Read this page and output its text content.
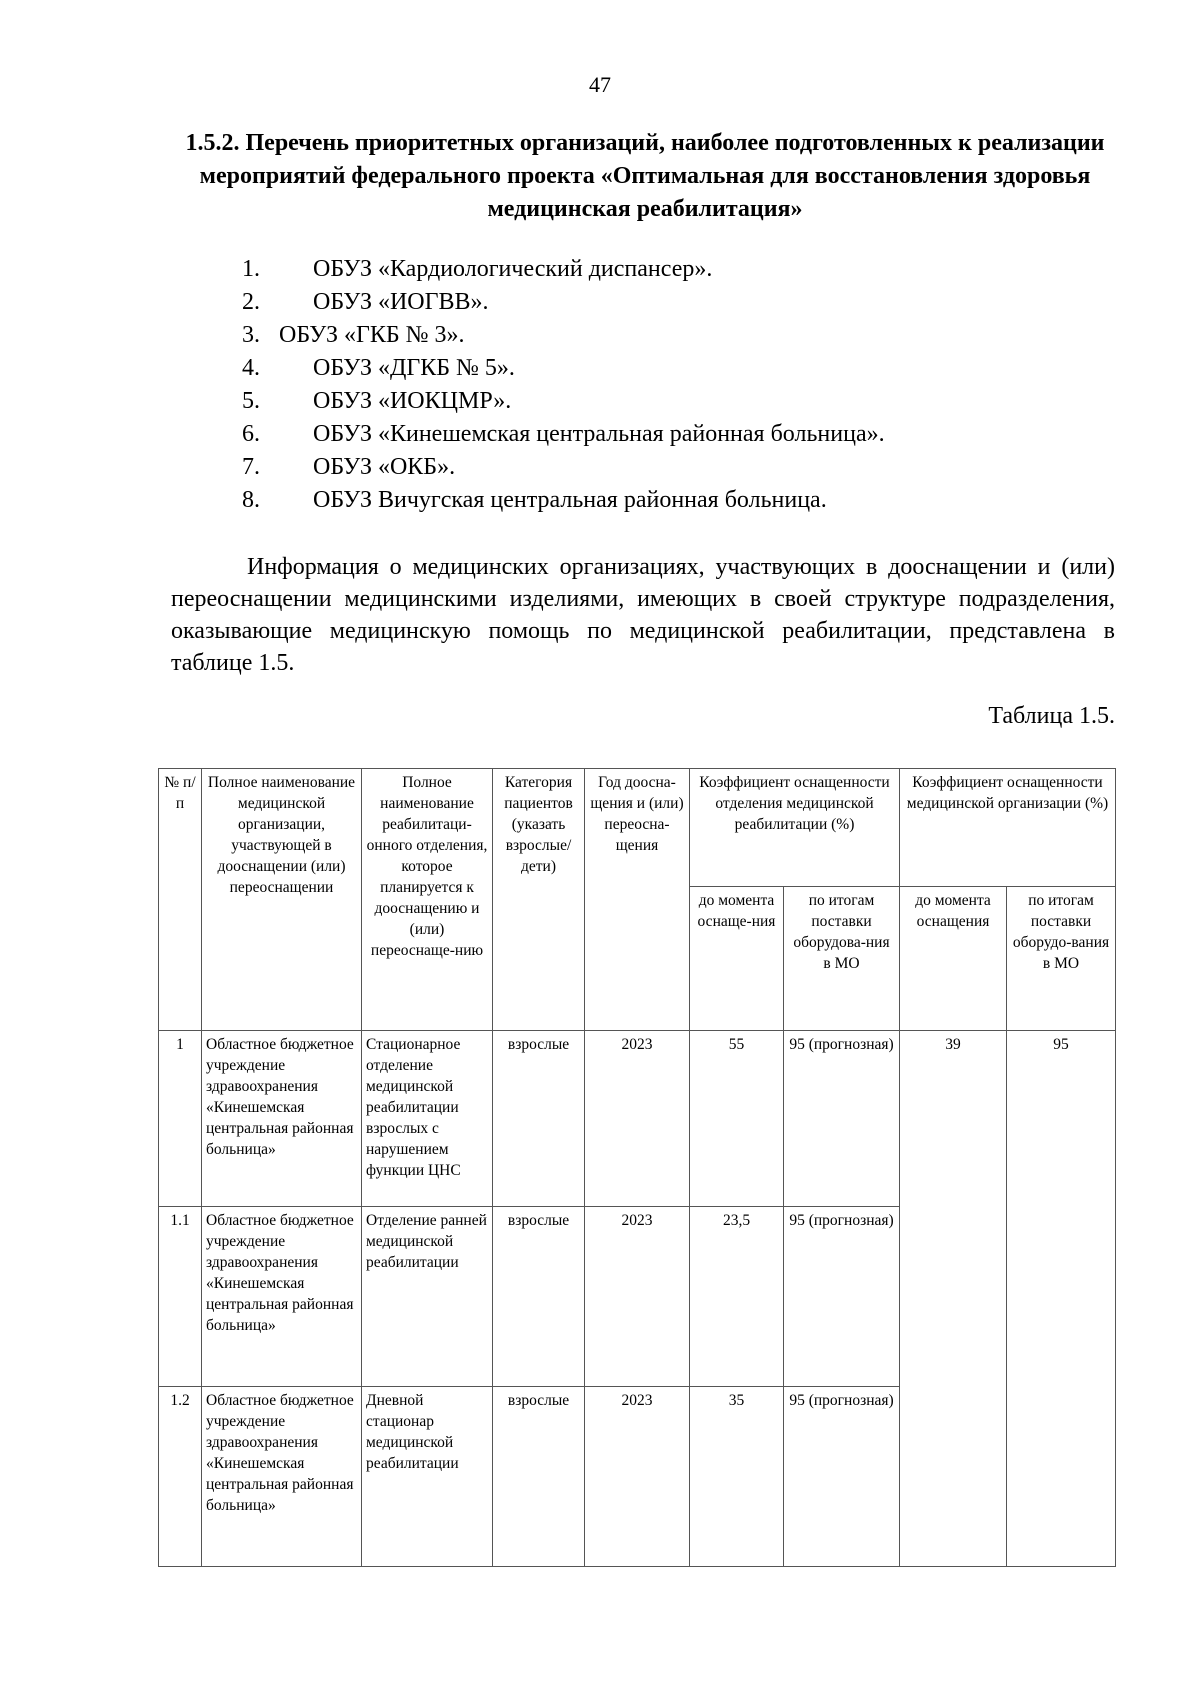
47
1.5.2. Перечень приоритетных организаций, наиболее подготовленных к реализации мероприятий федерального проекта «Оптимальная для восстановления здоровья медицинская реабилитация»
1.	ОБУЗ «Кардиологический диспансер».
2.	ОБУЗ «ИОГВВ».
3. ОБУЗ «ГКБ № 3».
4.	ОБУЗ «ДГКБ № 5».
5.	ОБУЗ «ИОКЦМР».
6.	ОБУЗ «Кинешемская центральная районная больница».
7.	ОБУЗ «ОКБ».
8.	ОБУЗ Вичугская центральная районная больница.

Информация о медицинских организациях, участвующих в дооснащении и (или) переоснащении медицинскими изделиями, имеющих в своей структуре подразделения, оказывающие медицинскую помощь по медицинской реабилитации, представлена в таблице 1.5.

Таблица 1.5.
№ п/п	Полное наименование медицинской организации, участвующей в дооснащении (или) переоснащении	Полное наименование реабилитаци-онного отделения, которое планируется к дооснащению и (или) переоснаще-нию	Категория пациентов (указать взрослые/ дети)	Год доосна-щения и (или) переосна-щения	Коэффициент оснащенности отделения медицинской реабилитации (%)		Коэффициент оснащенности медицинской организации (%)	
					до момента оснаще-ния	по итогам поставки оборудова-ния в МО	до момента оснащения	по итогам поставки оборудо-вания в МО
1	Областное бюджетное учреждение здравоохранения «Кинешемская центральная районная больница»	Стационарное отделение медицинской реабилитации взрослых с нарушением функции ЦНС	взрослые	2023	55	95 (прогнозная)	39	95
1.1	Областное бюджетное учреждение здравоохранения «Кинешемская центральная районная больница»	Отделение ранней медицинской реабилитации	взрослые	2023	23,5	95 (прогнозная)		
1.2	Областное бюджетное учреждение здравоохранения «Кинешемская центральная районная больница»	Дневной стационар медицинской реабилитации	взрослые	2023	35	95 (прогнозная)		
